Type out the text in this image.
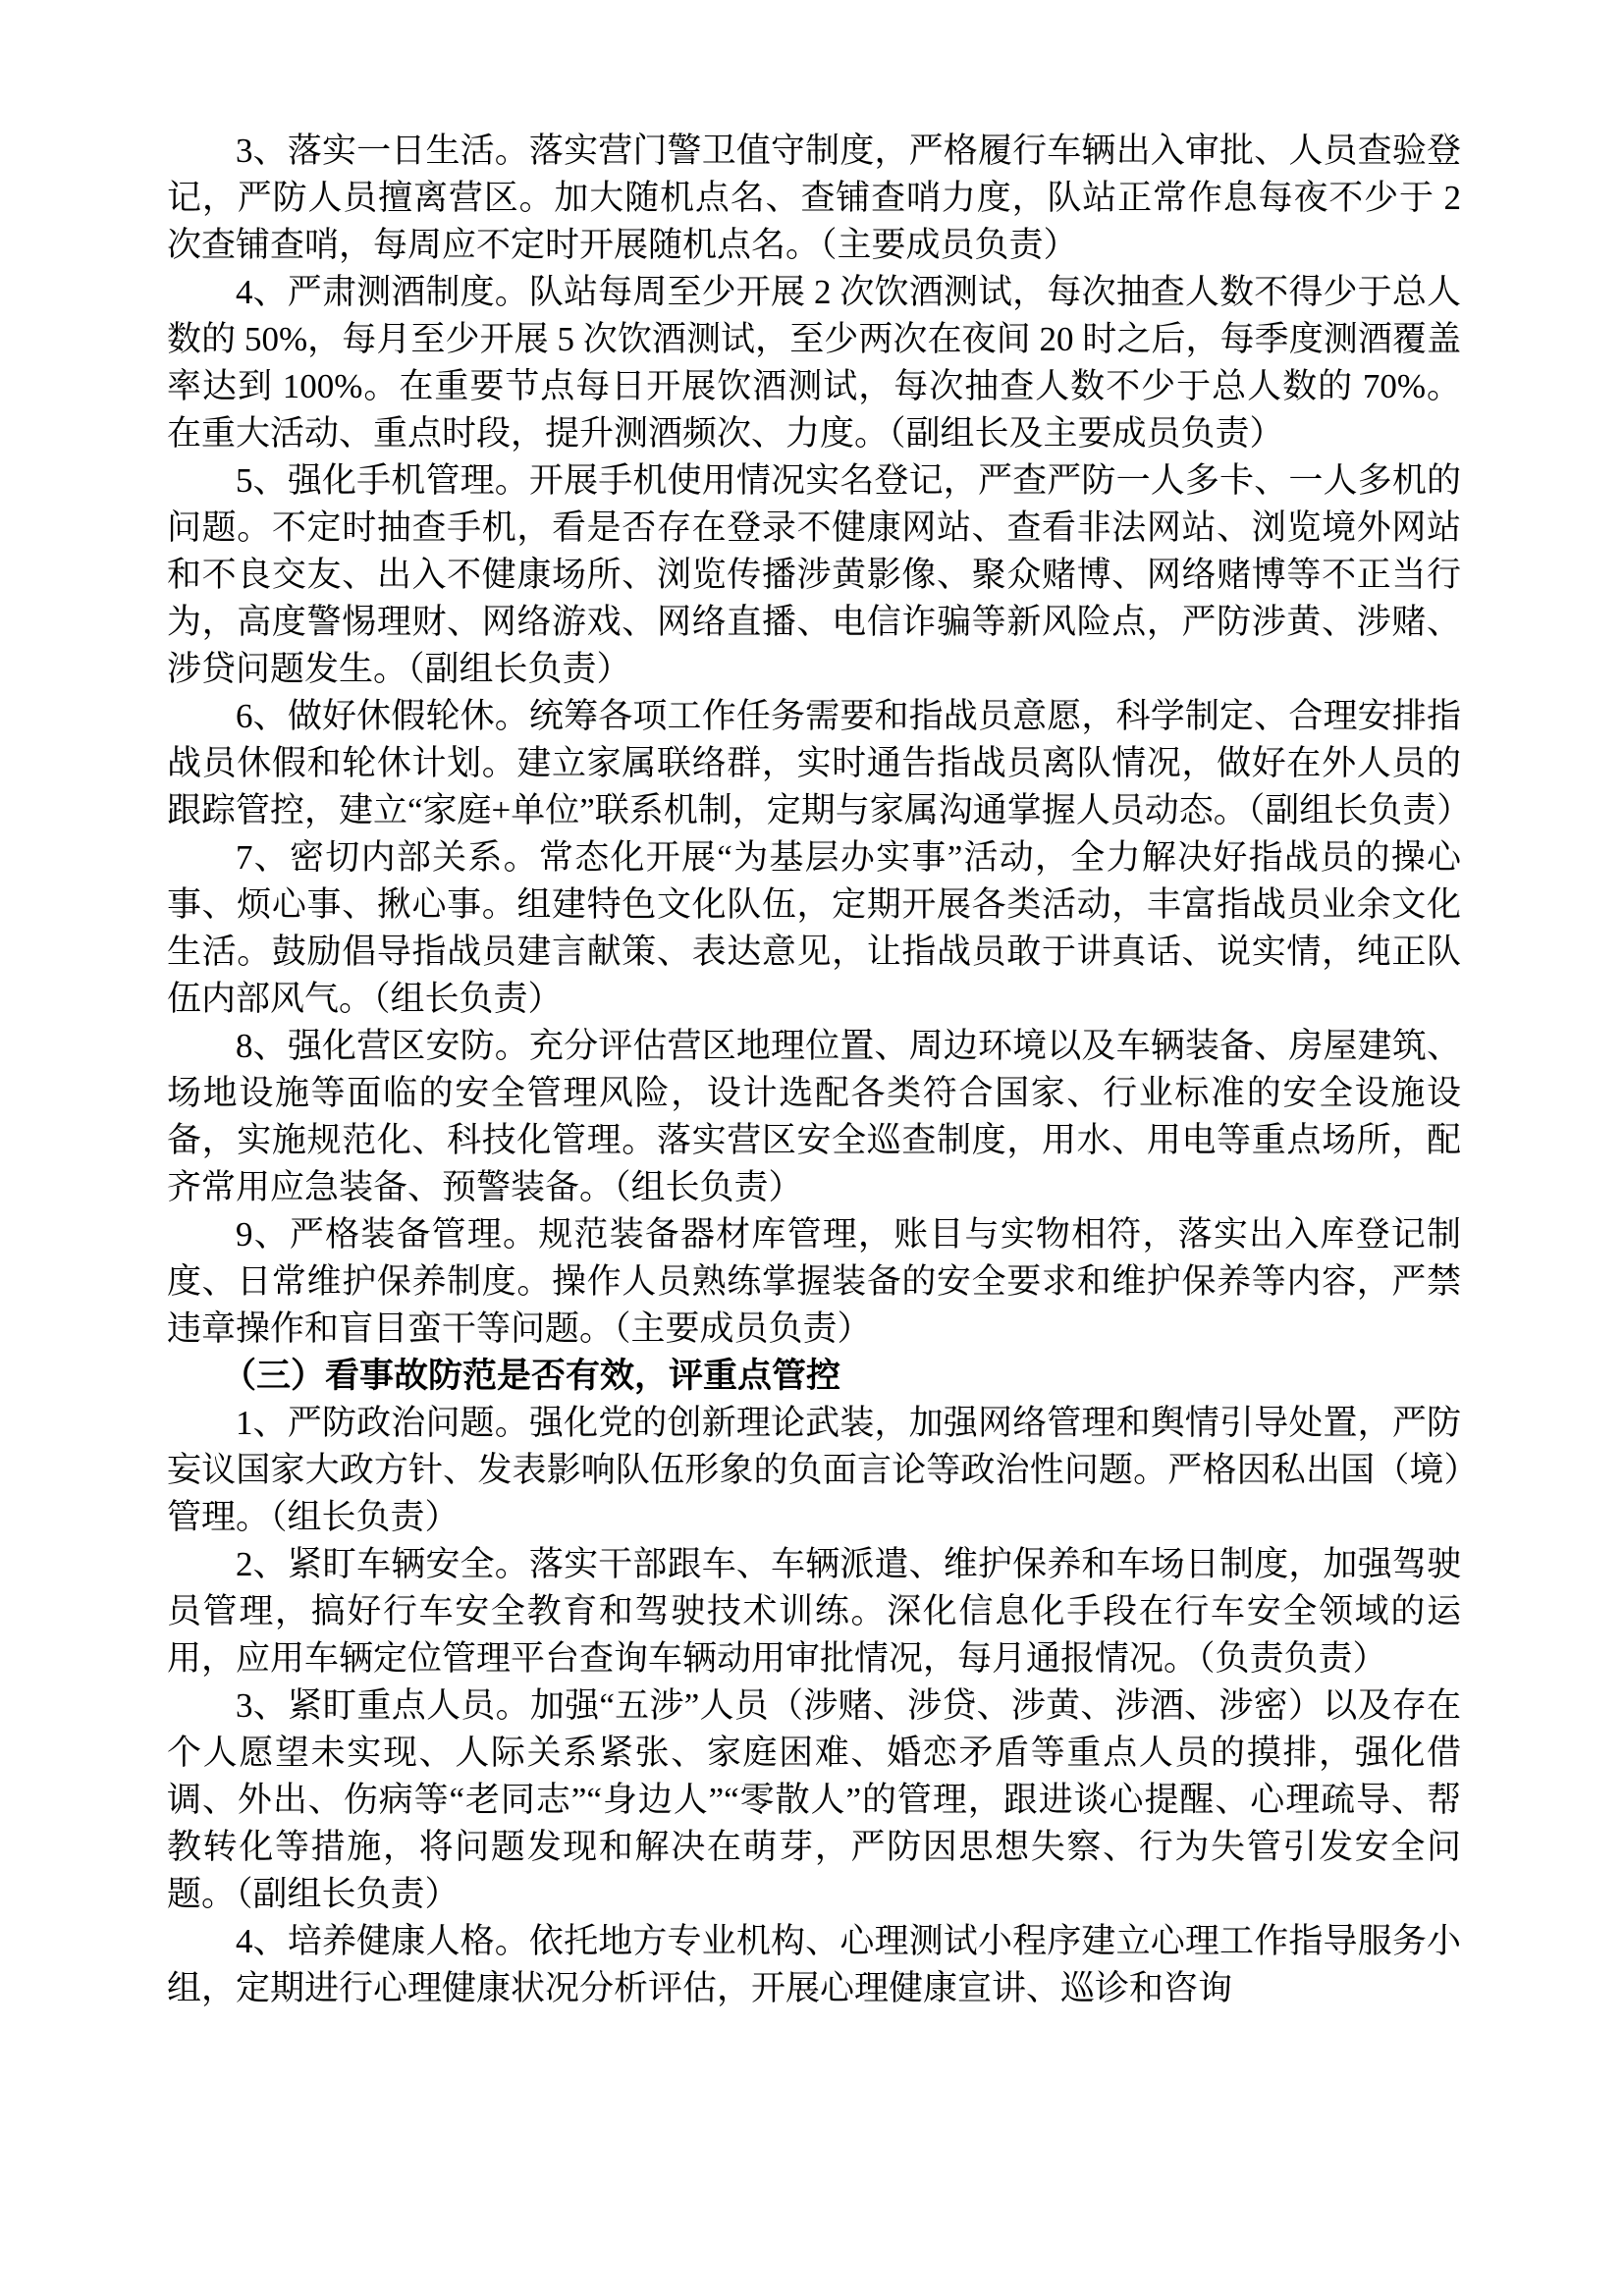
3、落实一日生活。落实营门警卫值守制度，严格履行车辆出入审批、人员查验登记，严防人员擅离营区。加大随机点名、查铺查哨力度，队站正常作息每夜不少于 2 次查铺查哨，每周应不定时开展随机点名。（主要成员负责）

4、严肃测酒制度。队站每周至少开展 2 次饮酒测试，每次抽查人数不得少于总人数的 50%，每月至少开展 5 次饮酒测试，至少两次在夜间 20 时之后，每季度测酒覆盖率达到 100%。在重要节点每日开展饮酒测试，每次抽查人数不少于总人数的 70%。在重大活动、重点时段，提升测酒频次、力度。（副组长及主要成员负责）

5、强化手机管理。开展手机使用情况实名登记，严查严防一人多卡、一人多机的问题。不定时抽查手机，看是否存在登录不健康网站、查看非法网站、浏览境外网站和不良交友、出入不健康场所、浏览传播涉黄影像、聚众赌博、网络赌博等不正当行为，高度警惕理财、网络游戏、网络直播、电信诈骗等新风险点，严防涉黄、涉赌、涉贷问题发生。（副组长负责）

6、做好休假轮休。统筹各项工作任务需要和指战员意愿，科学制定、合理安排指战员休假和轮休计划。建立家属联络群，实时通告指战员离队情况，做好在外人员的跟踪管控，建立“家庭+单位”联系机制，定期与家属沟通掌握人员动态。（副组长负责）

7、密切内部关系。常态化开展“为基层办实事”活动，全力解决好指战员的操心事、烦心事、揪心事。组建特色文化队伍，定期开展各类活动，丰富指战员业余文化生活。鼓励倡导指战员建言献策、表达意见，让指战员敢于讲真话、说实情，纯正队伍内部风气。（组长负责）

8、强化营区安防。充分评估营区地理位置、周边环境以及车辆装备、房屋建筑、场地设施等面临的安全管理风险，设计选配各类符合国家、行业标准的安全设施设备，实施规范化、科技化管理。落实营区安全巡查制度，用水、用电等重点场所，配齐常用应急装备、预警装备。（组长负责）

9、严格装备管理。规范装备器材库管理，账目与实物相符，落实出入库登记制度、日常维护保养制度。操作人员熟练掌握装备的安全要求和维护保养等内容，严禁违章操作和盲目蛮干等问题。（主要成员负责）

（三）看事故防范是否有效，评重点管控

1、严防政治问题。强化党的创新理论武装，加强网络管理和舆情引导处置，严防妄议国家大政方针、发表影响队伍形象的负面言论等政治性问题。严格因私出国（境）管理。（组长负责）

2、紧盯车辆安全。落实干部跟车、车辆派遣、维护保养和车场日制度，加强驾驶员管理，搞好行车安全教育和驾驶技术训练。深化信息化手段在行车安全领域的运用，应用车辆定位管理平台查询车辆动用审批情况，每月通报情况。（负责负责）

3、紧盯重点人员。加强“五涉”人员（涉赌、涉贷、涉黄、涉酒、涉密）以及存在个人愿望未实现、人际关系紧张、家庭困难、婚恋矛盾等重点人员的摸排，强化借调、外出、伤病等“老同志”“身边人”“零散人”的管理，跟进谈心提醒、心理疏导、帮教转化等措施，将问题发现和解决在萌芽，严防因思想失察、行为失管引发安全问题。（副组长负责）

4、培养健康人格。依托地方专业机构、心理测试小程序建立心理工作指导服务小组，定期进行心理健康状况分析评估，开展心理健康宣讲、巡诊和咨询
